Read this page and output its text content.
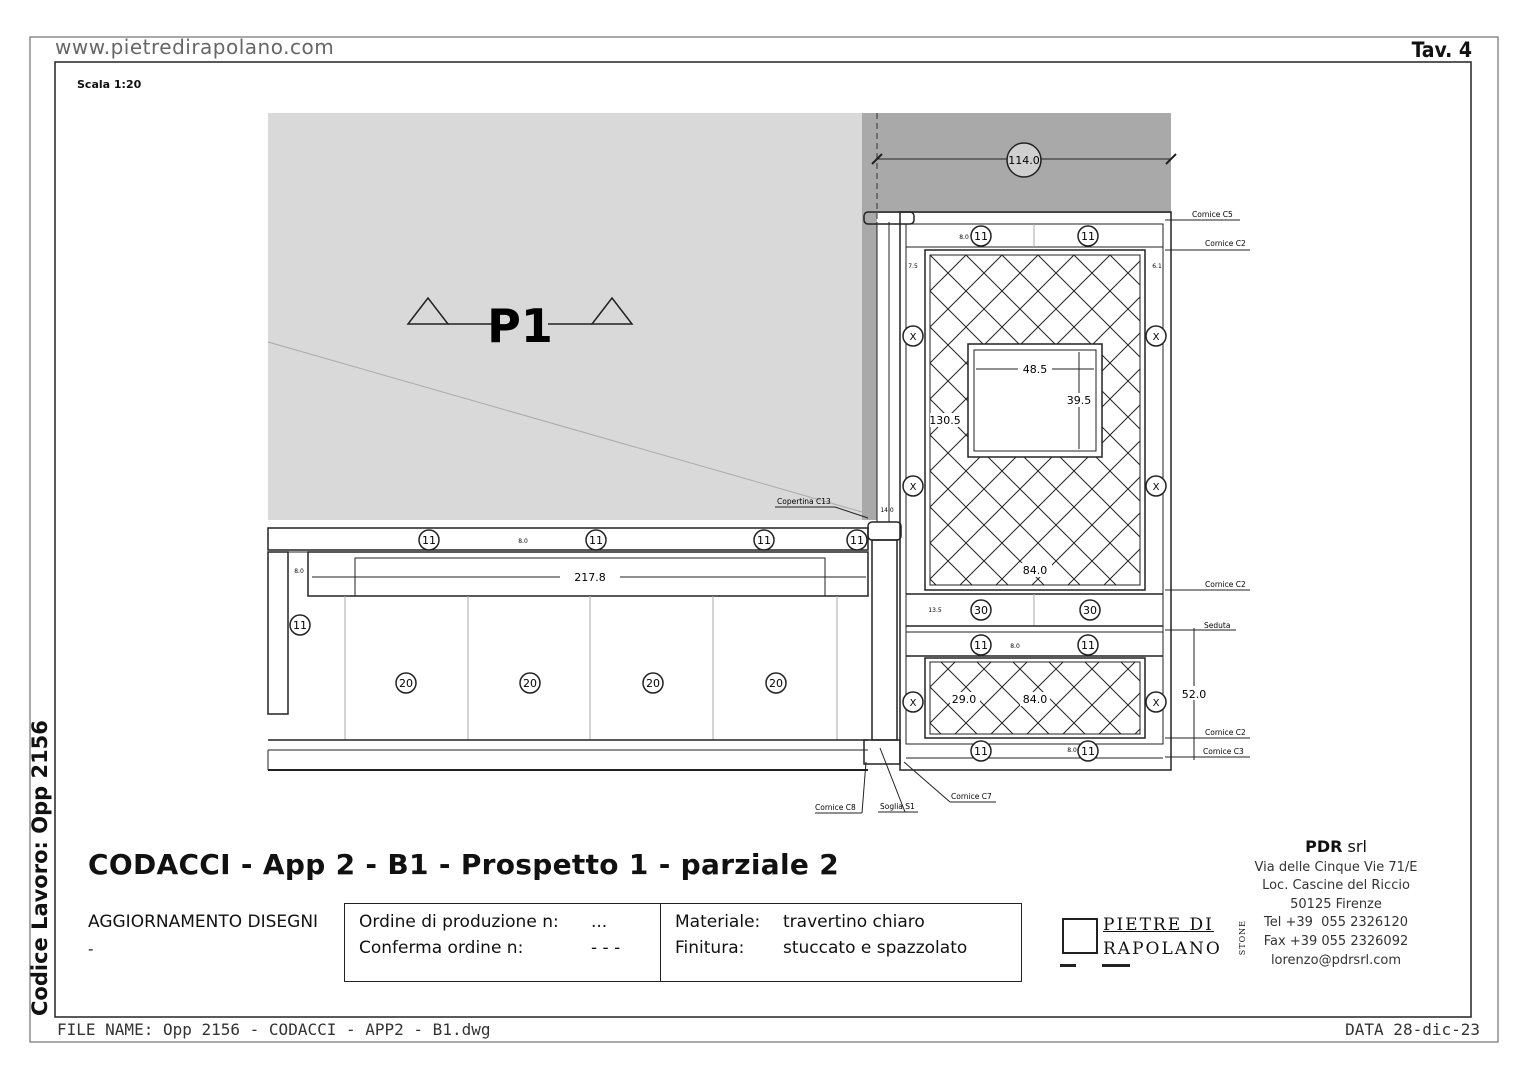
www.pietredirapolano.com	Tav. 4
Scala 1:20
Codice Lavoro: Opp 2156
114.0
P1
217.8
11	11	11	11
11
20	20	20	20
8.0
8.0
14.0
48.5
39.5
130.5
84.0
8.0
7.5	6.1
13.5
8.0
29.0	84.0
8.0
52.0
11	11
11	11
11	11
30	30
X	X
X	X
X	X
Cornice C5
Cornice C2
Cornice C2
Seduta
Cornice C2
Cornice C3
Copertina C13
Cornice C8	Soglia S1
Cornice C7
CODACCI - App 2 - B1 - Prospetto 1 - parziale 2
AGGIORNAMENTO DISEGNI
-
Ordine di produzione n: ...
Conferma ordine n:	- - -
Materiale: travertino chiaro
Finitura: stuccato e spazzolato
PIETRE DI
RAPOLANO STONE
PDR srl
Via delle Cinque Vie 71/E
Loc. Cascine del Riccio
50125 Firenze
Tel +39  055 2326120
Fax +39 055 2326092
lorenzo@pdrsrl.com
FILE NAME: Opp 2156 - CODACCI - APP2 - B1.dwg	DATA 28-dic-23
